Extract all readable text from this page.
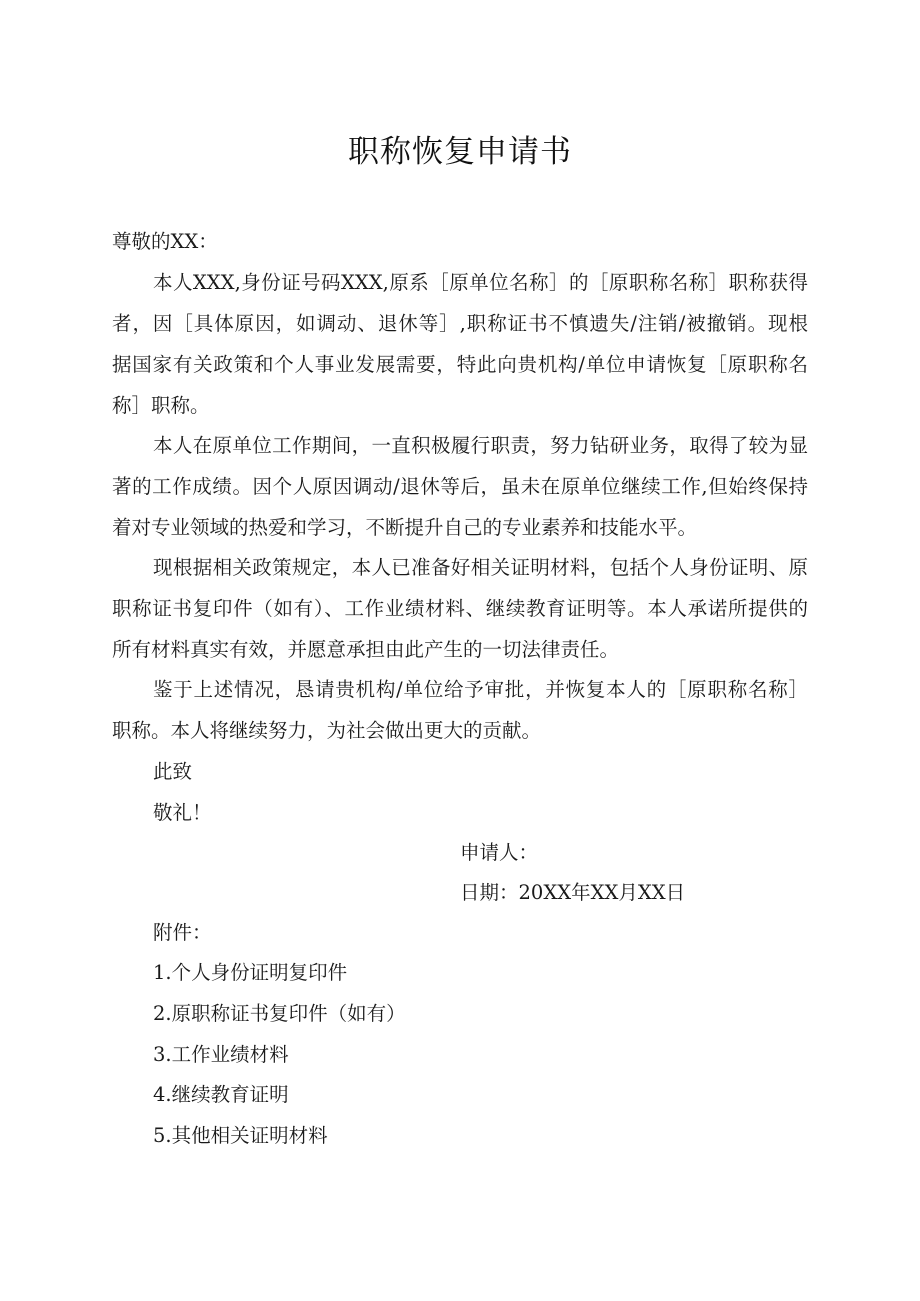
职称恢复申请书
尊敬的XX：
本人XXX,身份证号码XXX,原系［原单位名称］的［原职称名称］职称获得
者，因［具体原因，如调动、退休等］,职称证书不慎遗失/注销/被撤销。现根
据国家有关政策和个人事业发展需要，特此向贵机构/单位申请恢复［原职称名
称］职称。
本人在原单位工作期间，一直积极履行职责，努力钻研业务，取得了较为显
著的工作成绩。因个人原因调动/退休等后，虽未在原单位继续工作,但始终保持
着对专业领域的热爱和学习，不断提升自己的专业素养和技能水平。
现根据相关政策规定，本人已准备好相关证明材料，包括个人身份证明、原
职称证书复印件（如有）、工作业绩材料、继续教育证明等。本人承诺所提供的
所有材料真实有效，并愿意承担由此产生的一切法律责任。
鉴于上述情况，恳请贵机构/单位给予审批，并恢复本人的［原职称名称］
职称。本人将继续努力，为社会做出更大的贡献。
此致
敬礼！
申请人：
日期：20XX年XX月XX日
附件：
1.个人身份证明复印件
2.原职称证书复印件（如有）
3.工作业绩材料
4.继续教育证明
5.其他相关证明材料
